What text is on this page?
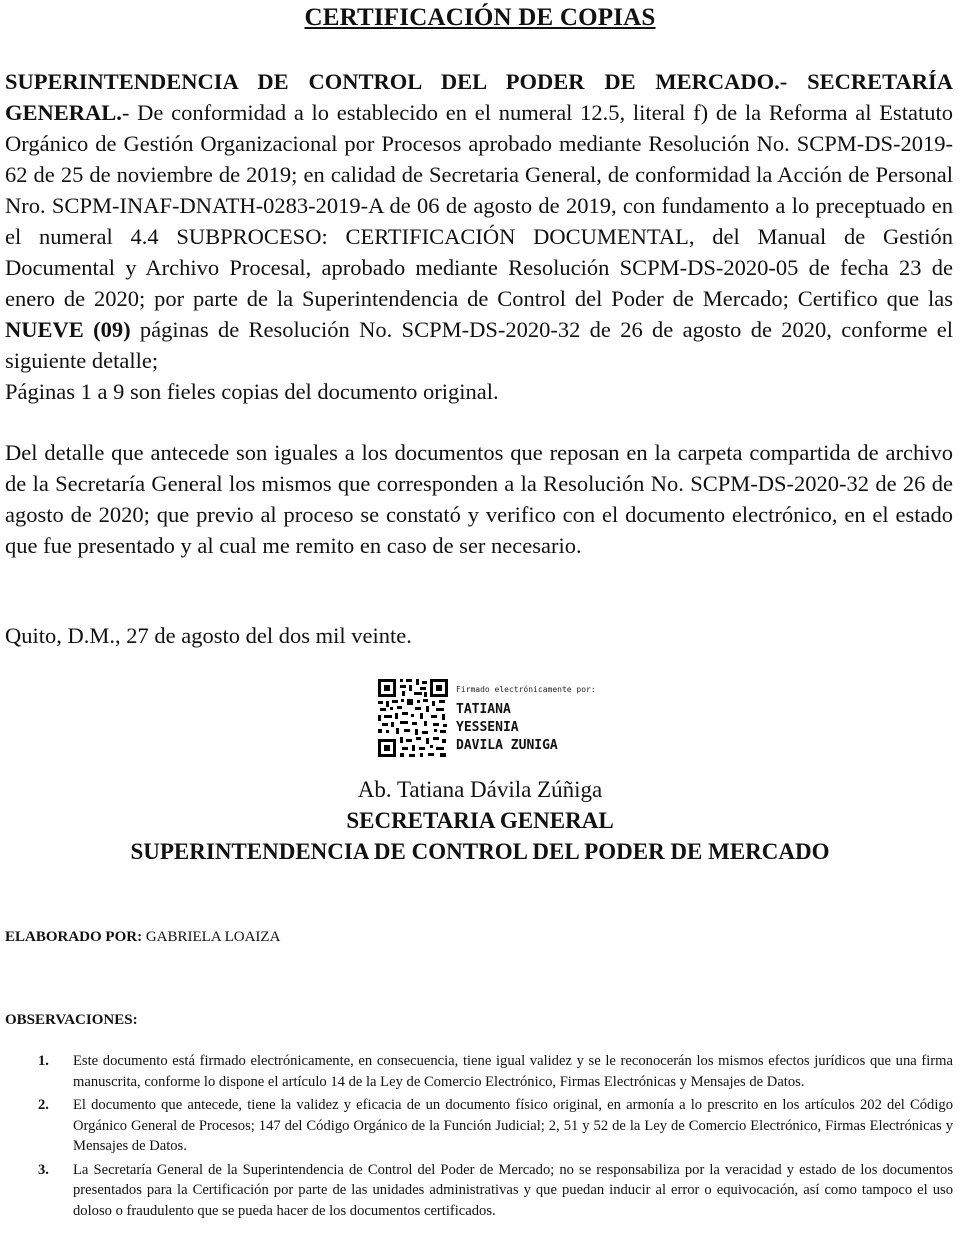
CERTIFICACIÓN DE COPIAS

SUPERINTENDENCIA DE CONTROL DEL PODER DE MERCADO.- SECRETARÍA GENERAL.- De conformidad a lo establecido en el numeral 12.5, literal f) de la Reforma al Estatuto Orgánico de Gestión Organizacional por Procesos aprobado mediante Resolución No. SCPM-DS-2019-62 de 25 de noviembre de 2019; en calidad de Secretaria General, de conformidad la Acción de Personal Nro. SCPM-INAF-DNATH-0283-2019-A de 06 de agosto de 2019, con fundamento a lo preceptuado en el numeral 4.4 SUBPROCESO: CERTIFICACIÓN DOCUMENTAL, del Manual de Gestión Documental y Archivo Procesal, aprobado mediante Resolución SCPM-DS-2020-05 de fecha 23 de enero de 2020; por parte de la Superintendencia de Control del Poder de Mercado; Certifico que las NUEVE (09) páginas de Resolución No. SCPM-DS-2020-32 de 26 de agosto de 2020, conforme el siguiente detalle;
Páginas 1 a 9 son fieles copias del documento original.

Del detalle que antecede son iguales a los documentos que reposan en la carpeta compartida de archivo de la Secretaría General los mismos que corresponden a la Resolución No. SCPM-DS-2020-32 de 26 de agosto de 2020; que previo al proceso se constató y verifico con el documento electrónico, en el estado que fue presentado y al cual me remito en caso de ser necesario.

Quito, D.M., 27 de agosto del dos mil veinte.

Firmado electrónicamente por:
TATIANA
YESSENIA
DAVILA ZUNIGA
Ab. Tatiana Dávila Zúñiga
SECRETARIA GENERAL
SUPERINTENDENCIA DE CONTROL DEL PODER DE MERCADO
ELABORADO POR: GABRIELA LOAIZA
OBSERVACIONES:
1. Este documento está firmado electrónicamente, en consecuencia, tiene igual validez y se le reconocerán los mismos efectos jurídicos que una firma manuscrita, conforme lo dispone el artículo 14 de la Ley de Comercio Electrónico, Firmas Electrónicas y Mensajes de Datos.
2. El documento que antecede, tiene la validez y eficacia de un documento físico original, en armonía a lo prescrito en los artículos 202 del Código Orgánico General de Procesos; 147 del Código Orgánico de la Función Judicial; 2, 51 y 52 de la Ley de Comercio Electrónico, Firmas Electrónicas y Mensajes de Datos.
3. La Secretaría General de la Superintendencia de Control del Poder de Mercado; no se responsabiliza por la veracidad y estado de los documentos presentados para la Certificación por parte de las unidades administrativas y que puedan inducir al error o equivocación, así como tampoco el uso doloso o fraudulento que se pueda hacer de los documentos certificados.
